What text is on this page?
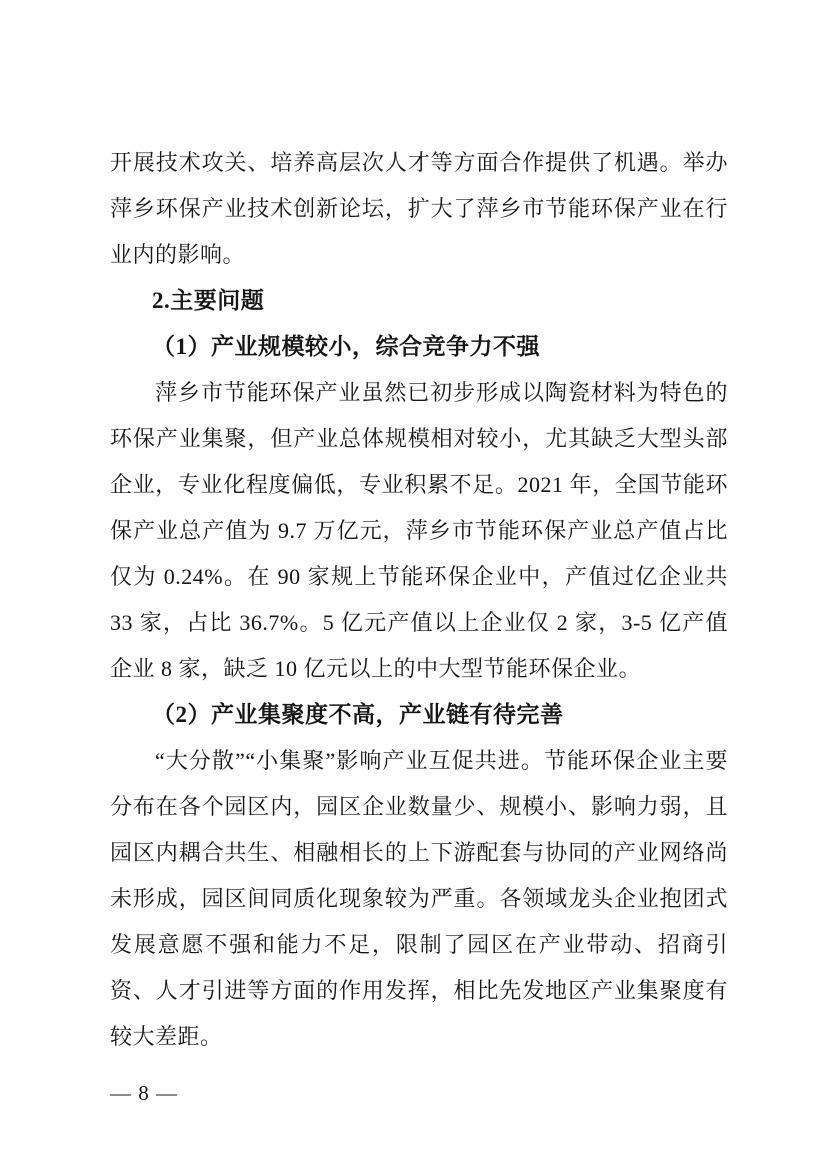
开展技术攻关、培养高层次人才等方面合作提供了机遇。举办萍乡环保产业技术创新论坛，扩大了萍乡市节能环保产业在行业内的影响。

2.主要问题
（1）产业规模较小，综合竞争力不强

萍乡市节能环保产业虽然已初步形成以陶瓷材料为特色的环保产业集聚，但产业总体规模相对较小，尤其缺乏大型头部企业，专业化程度偏低，专业积累不足。2021 年，全国节能环保产业总产值为 9.7 万亿元，萍乡市节能环保产业总产值占比仅为 0.24%。在 90 家规上节能环保企业中，产值过亿企业共 33 家，占比 36.7%。5 亿元产值以上企业仅 2 家，3-5 亿产值企业 8 家，缺乏 10 亿元以上的中大型节能环保企业。

（2）产业集聚度不高，产业链有待完善

“大分散”“小集聚”影响产业互促共进。节能环保企业主要分布在各个园区内，园区企业数量少、规模小、影响力弱，且园区内耦合共生、相融相长的上下游配套与协同的产业网络尚未形成，园区间同质化现象较为严重。各领域龙头企业抱团式发展意愿不强和能力不足，限制了园区在产业带动、招商引资、人才引进等方面的作用发挥，相比先发地区产业集聚度有较大差距。

— 8 —
